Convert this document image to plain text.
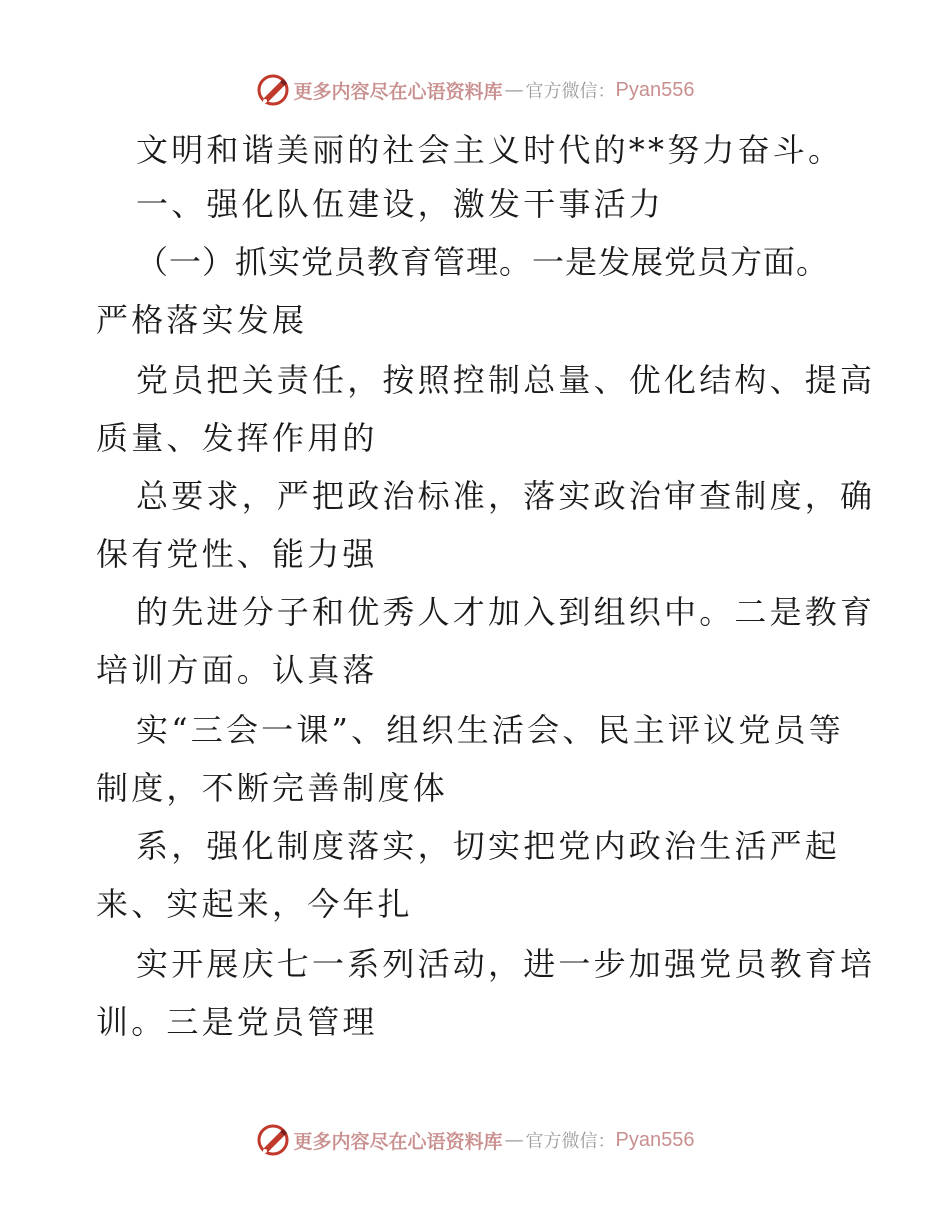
更多内容尽在心语资料库 — 官方微信： Pyan556
文明和谐美丽的社会主义时代的**努力奋斗。
一、强化队伍建设，激发干事活力
（一）抓实党员教育管理。一是发展党员方面。
严格落实发展
党员把关责任，按照控制总量、优化结构、提高
质量、发挥作用的
总要求，严把政治标准，落实政治审查制度，确
保有党性、能力强
的先进分子和优秀人才加入到组织中。二是教育
培训方面。认真落
实“三会一课”、组织生活会、民主评议党员等
制度，不断完善制度体
系，强化制度落实，切实把党内政治生活严起
来、实起来，今年扎
实开展庆七一系列活动，进一步加强党员教育培
训。三是党员管理
更多内容尽在心语资料库 — 官方微信： Pyan556
